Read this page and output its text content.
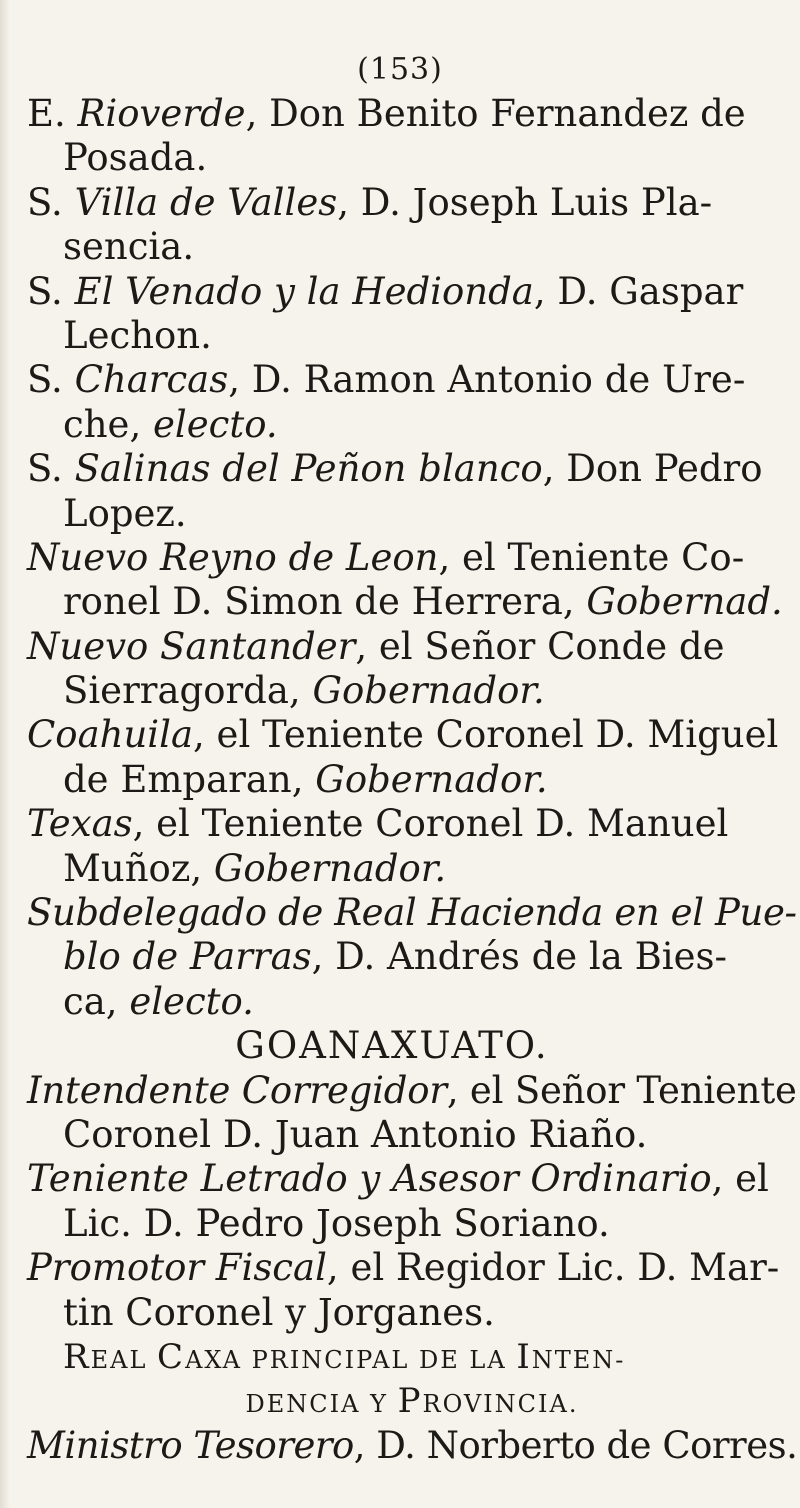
(153)
E. Rioverde, Don Benito Fernandez de
Posada.
S. Villa de Valles, D. Joseph Luis Pla-
sencia.
S. El Venado y la Hedionda, D. Gaspar
Lechon.
S. Charcas, D. Ramon Antonio de Ure-
che, electo.
S. Salinas del Peñon blanco, Don Pedro
Lopez.
Nuevo Reyno de Leon, el Teniente Co-
ronel D. Simon de Herrera, Gobernad.
Nuevo Santander, el Señor Conde de
Sierragorda, Gobernador.
Coahuila, el Teniente Coronel D. Miguel
de Emparan, Gobernador.
Texas, el Teniente Coronel D. Manuel
Muñoz, Gobernador.
Subdelegado de Real Hacienda en el Pue-
blo de Parras, D. Andrés de la Bies-
ca, electo.
GOANAXUATO.
Intendente Corregidor, el Señor Teniente
Coronel D. Juan Antonio Riaño.
Teniente Letrado y Asesor Ordinario, el
Lic. D. Pedro Joseph Soriano.
Promotor Fiscal, el Regidor Lic. D. Mar-
tin Coronel y Jorganes.
REAL CAXA PRINCIPAL DE LA INTEN-
DENCIA Y PROVINCIA.
Ministro Tesorero, D. Norberto de Corres.
